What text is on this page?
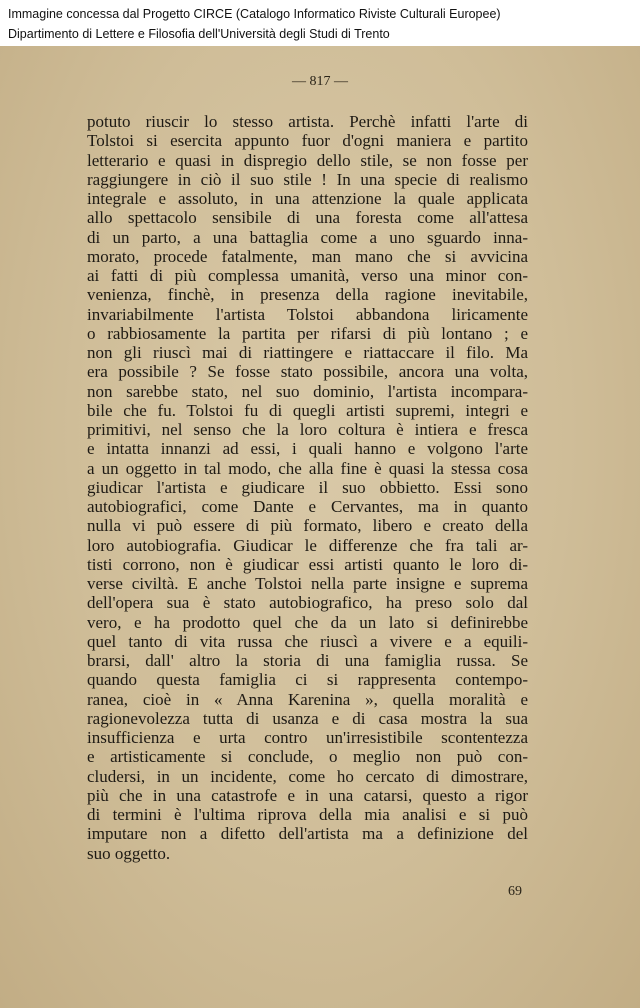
Immagine concessa dal Progetto CIRCE (Catalogo Informatico Riviste Culturali Europee)
Dipartimento di Lettere e Filosofia dell'Università degli Studi di Trento
— 817 —
potuto riuscir lo stesso artista. Perchè infatti l'arte di
Tolstoi si esercita appunto fuor d'ogni maniera e partito
letterario e quasi in dispregio dello stile, se non fosse per
raggiungere in ciò il suo stile ! In una specie di realismo
integrale e assoluto, in una attenzione la quale applicata
allo spettacolo sensibile di una foresta come all'attesa
di un parto, a una battaglia come a uno sguardo inna-
morato, procede fatalmente, man mano che si avvicina
ai fatti di più complessa umanità, verso una minor con-
venienza, finchè, in presenza della ragione inevitabile,
invariabilmente l'artista Tolstoi abbandona liricamente
o rabbiosamente la partita per rifarsi di più lontano ; e
non gli riuscì mai di riattingere e riattaccare il filo. Ma
era possibile ? Se fosse stato possibile, ancora una volta,
non sarebbe stato, nel suo dominio, l'artista incompara-
bile che fu. Tolstoi fu di quegli artisti supremi, integri e
primitivi, nel senso che la loro coltura è intiera e fresca
e intatta innanzi ad essi, i quali hanno e volgono l'arte
a un oggetto in tal modo, che alla fine è quasi la stessa cosa
giudicar l'artista e giudicare il suo obbietto. Essi sono
autobiografici, come Dante e Cervantes, ma in quanto
nulla vi può essere di più formato, libero e creato della
loro autobiografia. Giudicar le differenze che fra tali ar-
tisti corrono, non è giudicar essi artisti quanto le loro di-
verse civiltà. E anche Tolstoi nella parte insigne e suprema
dell'opera sua è stato autobiografico, ha preso solo dal
vero, e ha prodotto quel che da un lato si definirebbe
quel tanto di vita russa che riuscì a vivere e a equili-
brarsi, dall' altro la storia di una famiglia russa. Se
quando questa famiglia ci si rappresenta contempo-
ranea, cioè in « Anna Karenina », quella moralità e
ragionevolezza tutta di usanza e di casa mostra la sua
insufficienza e urta contro un'irresistibile scontentezza
e artisticamente si conclude, o meglio non può con-
cludersi, in un incidente, come ho cercato di dimostrare,
più che in una catastrofe e in una catarsi, questo a rigor
di termini è l'ultima riprova della mia analisi e si può
imputare non a difetto dell'artista ma a definizione del
suo oggetto.
69
